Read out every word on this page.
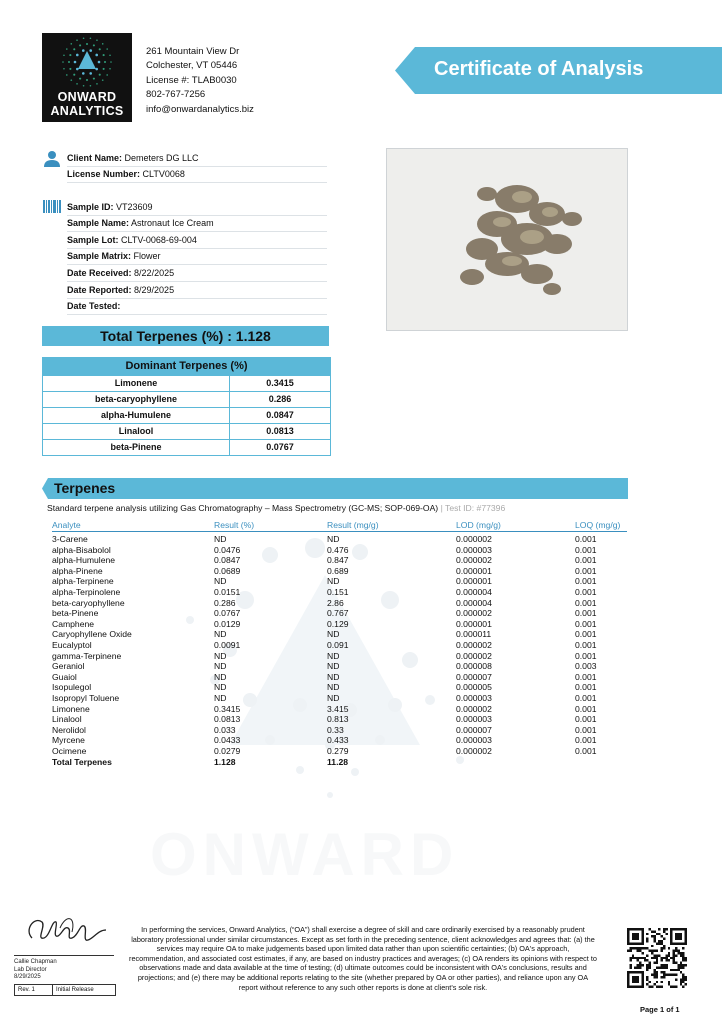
ONWARD
ONWARD
ANALYTICS
261 Mountain View Dr
Colchester, VT 05446
License #: TLAB0030
802-767-7256
info@onwardanalytics.biz
Certificate of Analysis
Client Name: Demeters DG LLC
License Number: CLTV0068
Sample ID: VT23609
Sample Name: Astronaut Ice Cream
Sample Lot: CLTV-0068-69-004
Sample Matrix: Flower
Date Received: 8/22/2025
Date Reported: 8/29/2025
Date Tested:
Total Terpenes (%) : 1.128
Dominant Terpenes (%)
Limonene	0.3415
beta-caryophyllene	0.286
alpha-Humulene	0.0847
Linalool	0.0813
beta-Pinene	0.0767
Terpenes
Standard terpene analysis utilizing Gas Chromatography – Mass Spectrometry (GC-MS; SOP-069-OA) | Test ID: #77396
Analyte	Result (%)	Result (mg/g)	LOD (mg/g)	LOQ (mg/g)
3-Carene	ND	ND	0.000002	0.001
alpha-Bisabolol	0.0476	0.476	0.000003	0.001
alpha-Humulene	0.0847	0.847	0.000002	0.001
alpha-Pinene	0.0689	0.689	0.000001	0.001
alpha-Terpinene	ND	ND	0.000001	0.001
alpha-Terpinolene	0.0151	0.151	0.000004	0.001
beta-caryophyllene	0.286	2.86	0.000004	0.001
beta-Pinene	0.0767	0.767	0.000002	0.001
Camphene	0.0129	0.129	0.000001	0.001
Caryophyllene Oxide	ND	ND	0.000011	0.001
Eucalyptol	0.0091	0.091	0.000002	0.001
gamma-Terpinene	ND	ND	0.000002	0.001
Geraniol	ND	ND	0.000008	0.003
Guaiol	ND	ND	0.000007	0.001
Isopulegol	ND	ND	0.000005	0.001
Isopropyl Toluene	ND	ND	0.000003	0.001
Limonene	0.3415	3.415	0.000002	0.001
Linalool	0.0813	0.813	0.000003	0.001
Nerolidol	0.033	0.33	0.000007	0.001
Myrcene	0.0433	0.433	0.000003	0.001
Ocimene	0.0279	0.279	0.000002	0.001
Total Terpenes	1.128	11.28
Callie Chapman
Lab Director
8/29/2025
Rev. 1	Initial Release
In performing the services, Onward Analytics, (“OA”) shall exercise a degree of skill and care ordinarily exercised by a reasonably prudent laboratory professional under similar circumstances. Except as set forth in the preceding sentence, client acknowledges and agrees that: (a) the services may require OA to make judgements based upon limited data rather than upon scientific certainties; (b) OA's approach, recommendation, and associated cost estimates, if any, are based on industry practices and averages; (c) OA renders its opinions with respect to observations made and data available at the time of testing; (d) ultimate outcomes could be inconsistent with OA's conclusions, results and projections; and (e) there may be additional reports relating to the site (whether prepared by OA or other parties), and reliance upon any OA report without reference to any such other reports is done at client's sole risk.
Page 1 of 1
